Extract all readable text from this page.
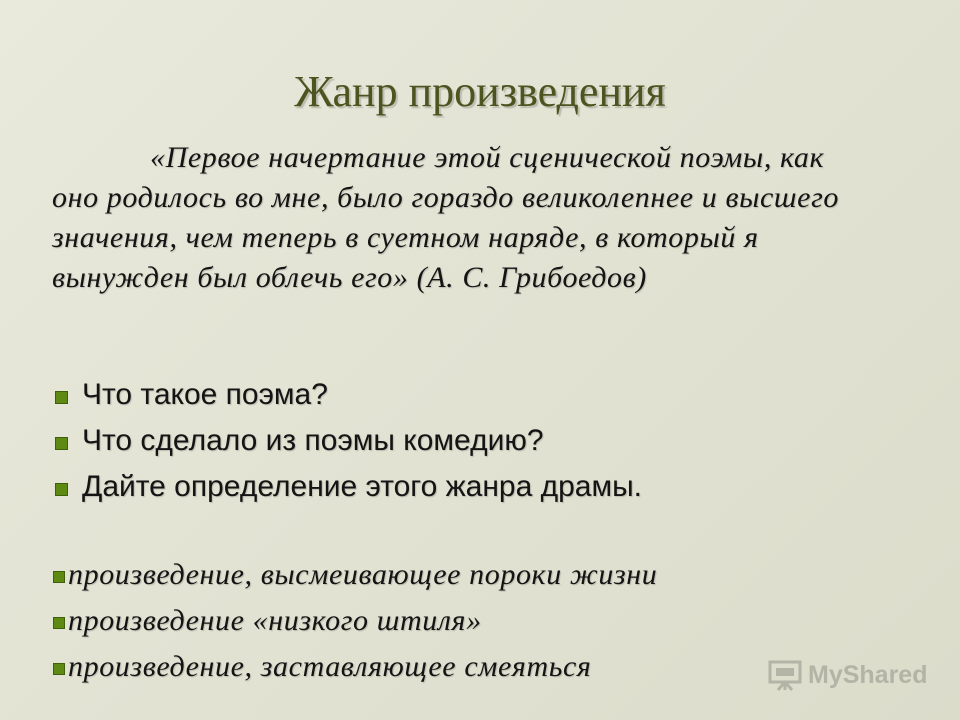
Жанр произведения

«Первое начертание этой сценической поэмы, как оно родилось во мне, было гораздо великолепнее и высшего значения, чем теперь в суетном наряде, в который я вынужден был облечь его» (А. С. Грибоедов)

Что такое поэма?
Что сделало из поэмы комедию?
Дайте определение этого жанра драмы.
произведение, высмеивающее пороки жизни
произведение «низкого штиля»
произведение, заставляющее смеяться	MyShared
